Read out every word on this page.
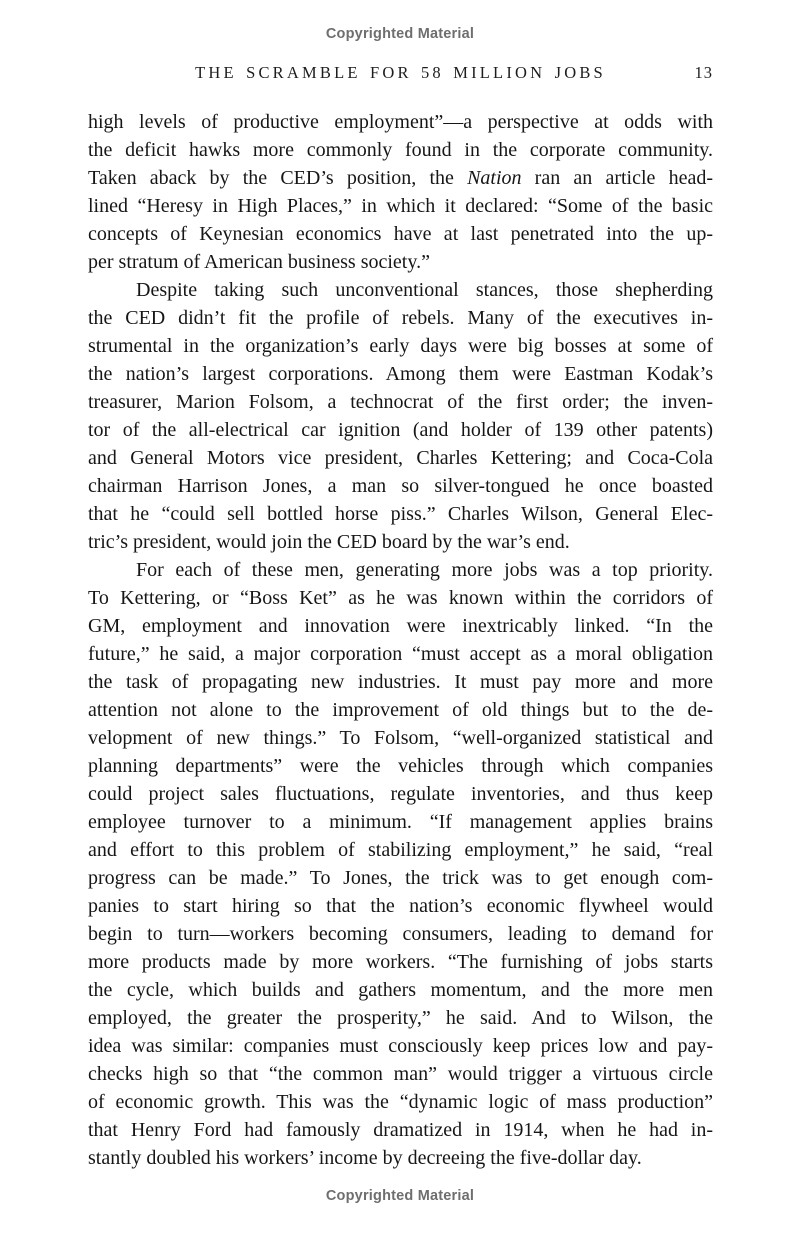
Copyrighted Material
THE SCRAMBLE FOR 58 MILLION JOBS	13
high levels of productive employment”—a perspective at odds with
the deficit hawks more commonly found in the corporate community.
Taken aback by the CED’s position, the Nation ran an article head-
lined “Heresy in High Places,” in which it declared: “Some of the basic
concepts of Keynesian economics have at last penetrated into the up-
per stratum of American business society.”
Despite taking such unconventional stances, those shepherding
the CED didn’t fit the profile of rebels. Many of the executives in-
strumental in the organization’s early days were big bosses at some of
the nation’s largest corporations. Among them were Eastman Kodak’s
treasurer, Marion Folsom, a technocrat of the first order; the inven-
tor of the all-electrical car ignition (and holder of 139 other patents)
and General Motors vice president, Charles Kettering; and Coca-Cola
chairman Harrison Jones, a man so silver-tongued he once boasted
that he “could sell bottled horse piss.” Charles Wilson, General Elec-
tric’s president, would join the CED board by the war’s end.
For each of these men, generating more jobs was a top priority.
To Kettering, or “Boss Ket” as he was known within the corridors of
GM, employment and innovation were inextricably linked. “In the
future,” he said, a major corporation “must accept as a moral obligation
the task of propagating new industries. It must pay more and more
attention not alone to the improvement of old things but to the de-
velopment of new things.” To Folsom, “well-organized statistical and
planning departments” were the vehicles through which companies
could project sales fluctuations, regulate inventories, and thus keep
employee turnover to a minimum. “If management applies brains
and effort to this problem of stabilizing employment,” he said, “real
progress can be made.” To Jones, the trick was to get enough com-
panies to start hiring so that the nation’s economic flywheel would
begin to turn—workers becoming consumers, leading to demand for
more products made by more workers. “The furnishing of jobs starts
the cycle, which builds and gathers momentum, and the more men
employed, the greater the prosperity,” he said. And to Wilson, the
idea was similar: companies must consciously keep prices low and pay-
checks high so that “the common man” would trigger a virtuous circle
of economic growth. This was the “dynamic logic of mass production”
that Henry Ford had famously dramatized in 1914, when he had in-
stantly doubled his workers’ income by decreeing the five-dollar day.
Copyrighted Material
